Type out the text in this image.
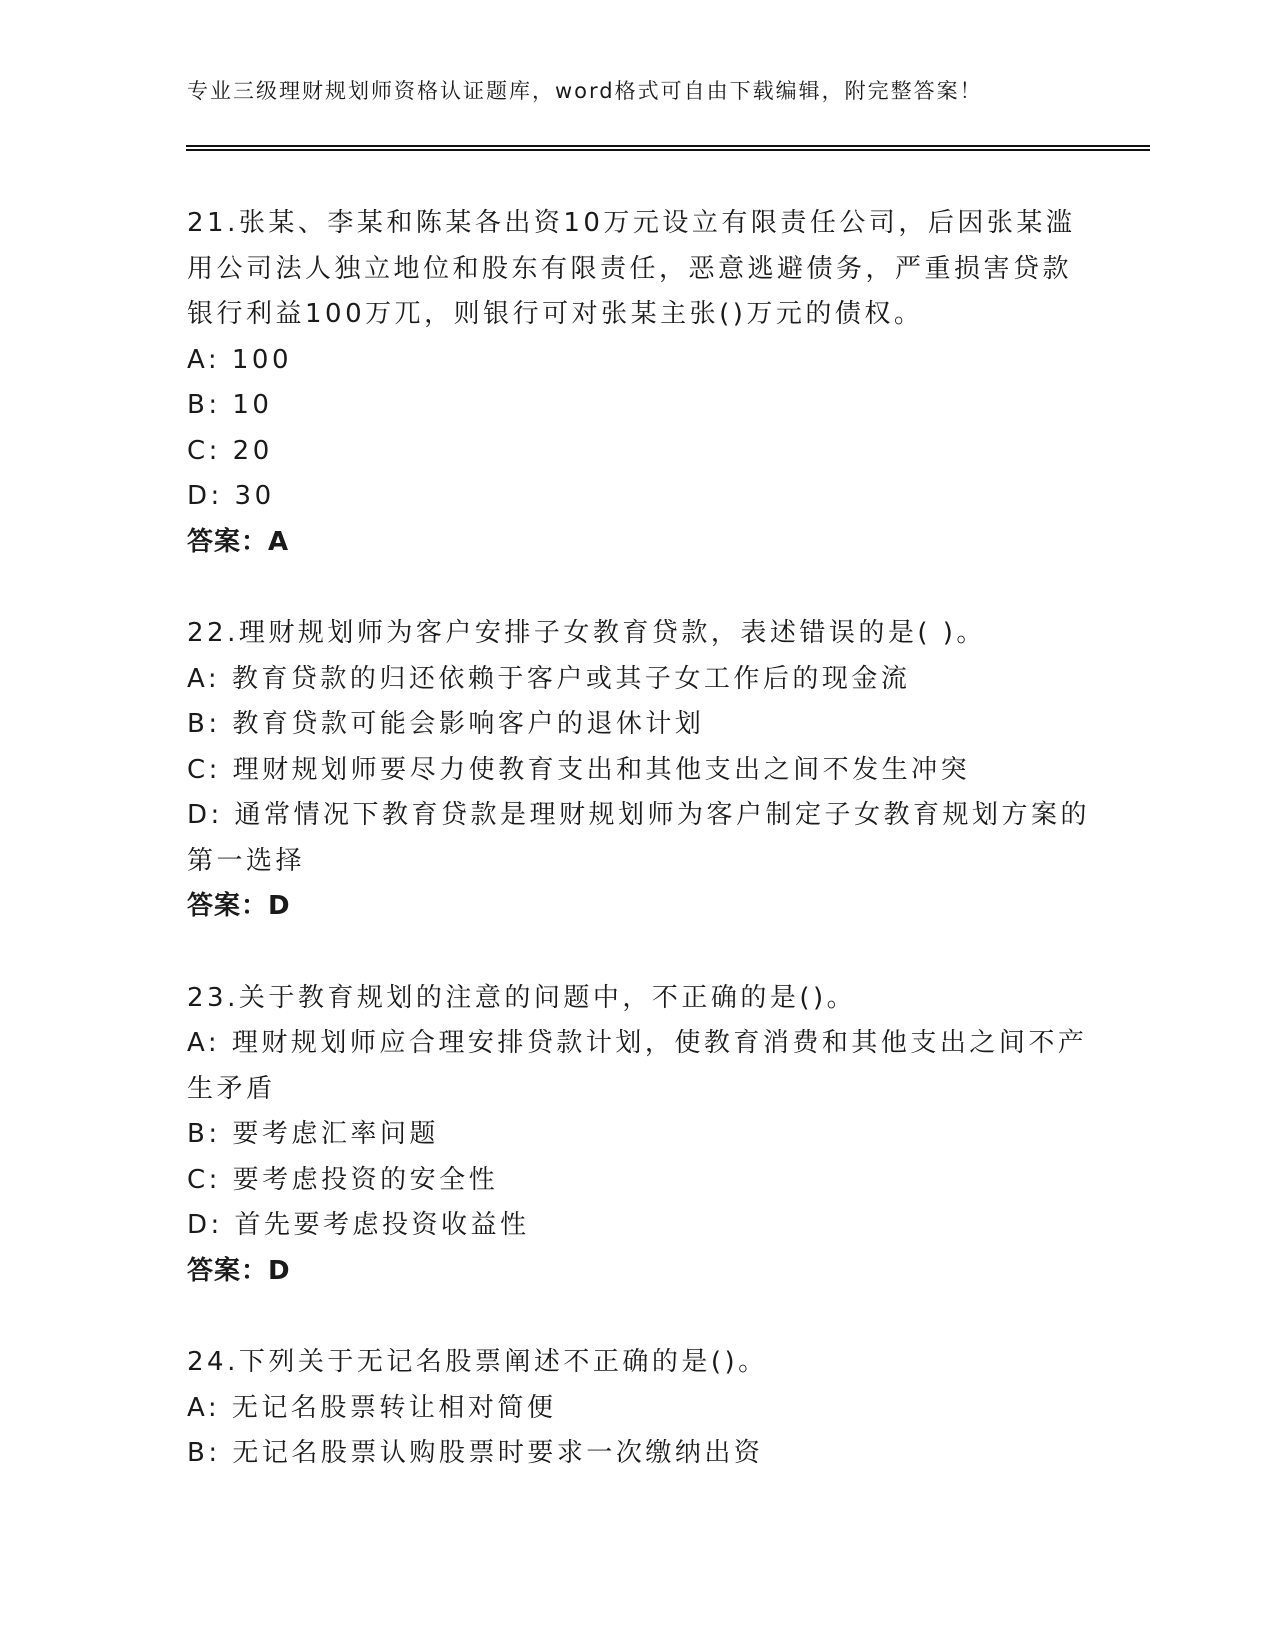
专业三级理财规划师资格认证题库，word格式可自由下载编辑，附完整答案！
21.张某、李某和陈某各出资10万元设立有限责任公司，后因张某滥
用公司法人独立地位和股东有限责任，恶意逃避债务，严重损害贷款
银行利益100万兀，则银行可对张某主张()万元的债权。
A: 100
B: 10
C: 20
D: 30
答案：A
22.理财规划师为客户安排子女教育贷款，表述错误的是( )。
A: 教育贷款的归还依赖于客户或其子女工作后的现金流
B: 教育贷款可能会影响客户的退休计划
C: 理财规划师要尽力使教育支出和其他支出之间不发生冲突
D: 通常情况下教育贷款是理财规划师为客户制定子女教育规划方案的
第一选择
答案：D
23.关于教育规划的注意的问题中，不正确的是()。
A: 理财规划师应合理安排贷款计划，使教育消费和其他支出之间不产
生矛盾
B: 要考虑汇率问题
C: 要考虑投资的安全性
D: 首先要考虑投资收益性
答案：D
24.下列关于无记名股票阐述不正确的是()。
A: 无记名股票转让相对简便
B: 无记名股票认购股票时要求一次缴纳出资
